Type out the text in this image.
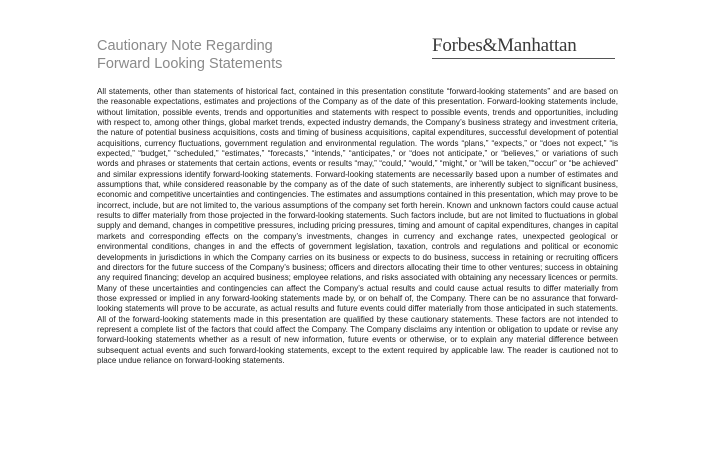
Cautionary Note Regarding
Forward Looking Statements
Forbes&Manhattan

All statements, other than statements of historical fact, contained in this presentation constitute “forward-looking statements” and are based on the reasonable expectations, estimates and projections of the Company as of the date of this presentation. Forward-looking statements include, without limitation, possible events, trends and opportunities and statements with respect to possible events, trends and opportunities, including with respect to, among other things, global market trends, expected industry demands, the Company’s business strategy and investment criteria, the nature of potential business acquisitions, costs and timing of business acquisitions, capital expenditures, successful development of potential acquisitions, currency fluctuations, government regulation and environmental regulation. The words “plans,” “expects,” or “does not expect,” “is expected,” “budget,” “scheduled,” “estimates,” “forecasts,” “intends,” “anticipates,” or “does not anticipate,” or “believes,” or variations of such words and phrases or statements that certain actions, events or results “may,” “could,” “would,” “might,” or “will be taken,”“occur” or “be achieved” and similar expressions identify forward-looking statements. Forward-looking statements are necessarily based upon a number of estimates and assumptions that, while considered reasonable by the company as of the date of such statements, are inherently subject to significant business, economic and competitive uncertainties and contingencies. The estimates and assumptions contained in this presentation, which may prove to be incorrect, include, but are not limited to, the various assumptions of the company set forth herein. Known and unknown factors could cause actual results to differ materially from those projected in the forward-looking statements. Such factors include, but are not limited to fluctuations in global supply and demand, changes in competitive pressures, including pricing pressures, timing and amount of capital expenditures, changes in capital markets and corresponding effects on the company’s investments, changes in currency and exchange rates, unexpected geological or environmental conditions, changes in and the effects of government legislation, taxation, controls and regulations and political or economic developments in jurisdictions in which the Company carries on its business or expects to do business, success in retaining or recruiting officers and directors for the future success of the Company’s business; officers and directors allocating their time to other ventures; success in obtaining any required financing; develop an acquired business; employee relations, and risks associated with obtaining any necessary licences or permits. Many of these uncertainties and contingencies can affect the Company’s actual results and could cause actual results to differ materially from those expressed or implied in any forward-looking statements made by, or on behalf of, the Company. There can be no assurance that forward-looking statements will prove to be accurate, as actual results and future events could differ materially from those anticipated in such statements. All of the forward-looking statements made in this presentation are qualified by these cautionary statements. These factors are not intended to represent a complete list of the factors that could affect the Company. The Company disclaims any intention or obligation to update or revise any forward-looking statements whether as a result of new information, future events or otherwise, or to explain any material difference between subsequent actual events and such forward-looking statements, except to the extent required by applicable law. The reader is cautioned not to place undue reliance on forward-looking statements.
